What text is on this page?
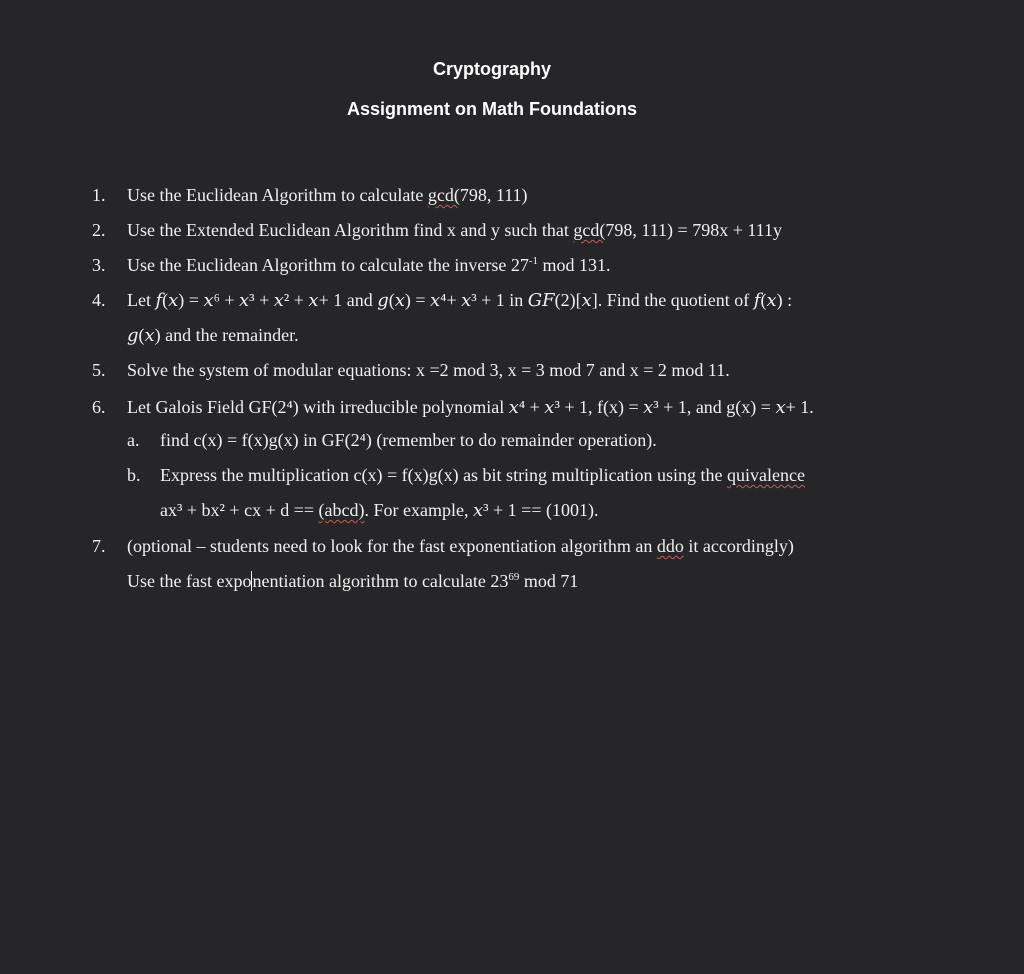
Cryptography
Assignment on Math Foundations
1.	Use the Euclidean Algorithm to calculate gcd(798, 111)
2.	Use the Extended Euclidean Algorithm find x and y such that gcd(798, 111) = 798x + 111y
3.	Use the Euclidean Algorithm to calculate the inverse $27^{-1}$ mod 131.
4.	Let 𝑓(𝑥) = 𝑥⁶ + 𝑥³ + 𝑥² + 𝑥+ 1 and 𝑔(𝑥) = 𝑥⁴+ 𝑥³ + 1 in 𝐺𝐹(2)[𝑥]. Find the quotient of 𝑓(𝑥) :
𝑔(𝑥) and the remainder.
5.	Solve the system of modular equations: x =2 mod 3, x = 3 mod 7 and x = 2 mod 11.
6.	Let Galois Field GF(2⁴) with irreducible polynomial 𝑥⁴ + 𝑥³ + 1, f(x) = 𝑥³ + 1, and g(x) = 𝑥+ 1.
a. find c(x) = f(x)g(x) in GF(2⁴) (remember to do remainder operation).
b. Express the multiplication c(x) = f(x)g(x) as bit string multiplication using the quivalence
ax³ + bx² + cx + d == (abcd). For example, 𝑥³ + 1 == (1001).
7.	(optional – students need to look for the fast exponentiation algorithm an ddo it accordingly)
Use the fast exponentiation algorithm to calculate $23^{69}$ mod 71
